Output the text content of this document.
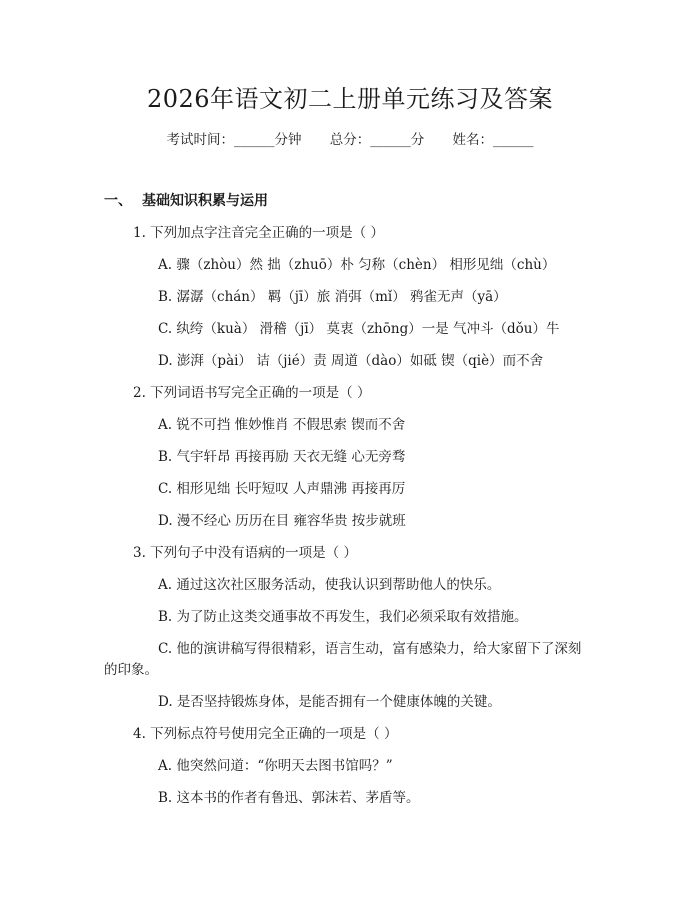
2026年语文初二上册单元练习及答案
考试时间：______分钟 总分：______分 姓名：______
一、 基础知识积累与运用
1. 下列加点字注音完全正确的一项是（ ）
A. 骤（zhòu）然 拙（zhuō）朴 匀称（chèn） 相形见绌（chù）
B. 潺潺（chán） 羁（jī）旅 消弭（mǐ） 鸦雀无声（yā）
C. 纨绔（kuà） 滑稽（jī） 莫衷（zhōng）一是 气冲斗（dǒu）牛
D. 澎湃（pài） 诘（jié）责 周道（dào）如砥 锲（qiè）而不舍
2. 下列词语书写完全正确的一项是（ ）
A. 锐不可挡 惟妙惟肖 不假思索 锲而不舍
B. 气宇轩昂 再接再励 天衣无缝 心无旁骛
C. 相形见绌 长吁短叹 人声鼎沸 再接再厉
D. 漫不经心 历历在目 雍容华贵 按步就班
3. 下列句子中没有语病的一项是（ ）
A. 通过这次社区服务活动，使我认识到帮助他人的快乐。
B. 为了防止这类交通事故不再发生，我们必须采取有效措施。
C. 他的演讲稿写得很精彩，语言生动，富有感染力，给大家留下了深刻
的印象。
D. 是否坚持锻炼身体，是能否拥有一个健康体魄的关键。
4. 下列标点符号使用完全正确的一项是（ ）
A. 他突然问道：“你明天去图书馆吗？”
B. 这本书的作者有鲁迅、郭沫若、茅盾等。
